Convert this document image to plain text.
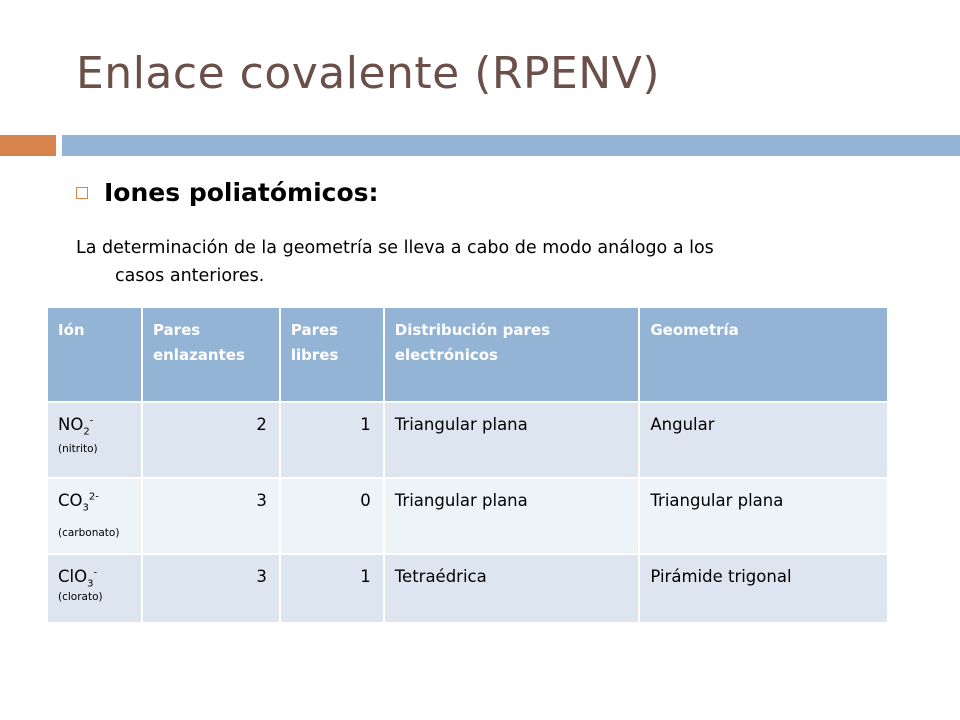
Enlace covalente (RPENV)
Iones poliatómicos:
La determinación de la geometría se lleva a cabo de modo análogo a los
casos anteriores.
Ión	Pares enlazantes	Pares libres	Distribución pares electrónicos	Geometría
$NO_2^-$
(nitrito)	2	1	Triangular plana	Angular
$CO_3^{2-}$
(carbonato)	3	0	Triangular plana	Triangular plana
ClO$_3$-
(clorato)	3	1	Tetraédrica	Pirámide trigonal
